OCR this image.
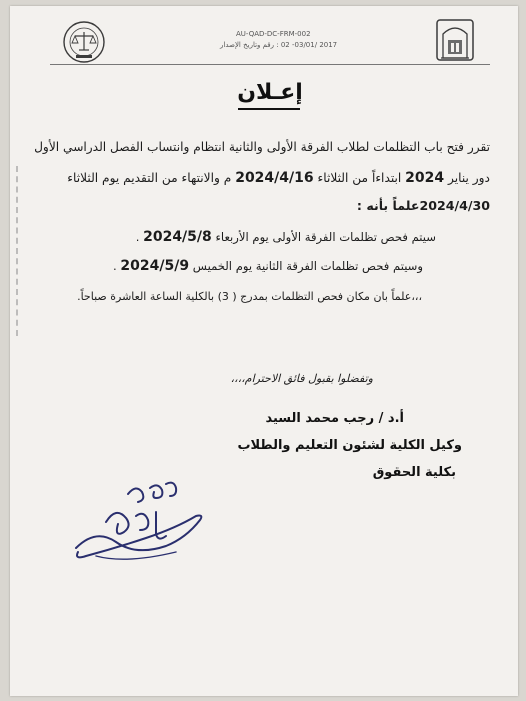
AU-QAD-DC-FRM-002
2017 /03/01- 02 : رقم وتاريخ الإصدار
إعـلان
تقرر فتح باب التظلمات لطلاب الفرقة الأولى والثانية انتظام وانتساب الفصل الدراسي الأول
دور يناير 2024 ابتداءاً من الثلاثاء 2024/4/16 م والانتهاء من التقديم يوم الثلاثاء
2024/4/30علماً بأنه :
سيتم فحص تظلمات الفرقة الأولى يوم الأربعاء 2024/5/8 .
وسيتم فحص تظلمات الفرقة الثانية يوم الخميس 2024/5/9 .
،،،علماً بان مكان فحص التظلمات بمدرج ( 3) بالكلية الساعة العاشرة صباحاً.
وتفضلوا بقبول فائق الاحترام،،،،
أ.د / رجب محمد السيد
وكيل الكلية لشئون التعليم والطلاب
بكلية الحقوق
